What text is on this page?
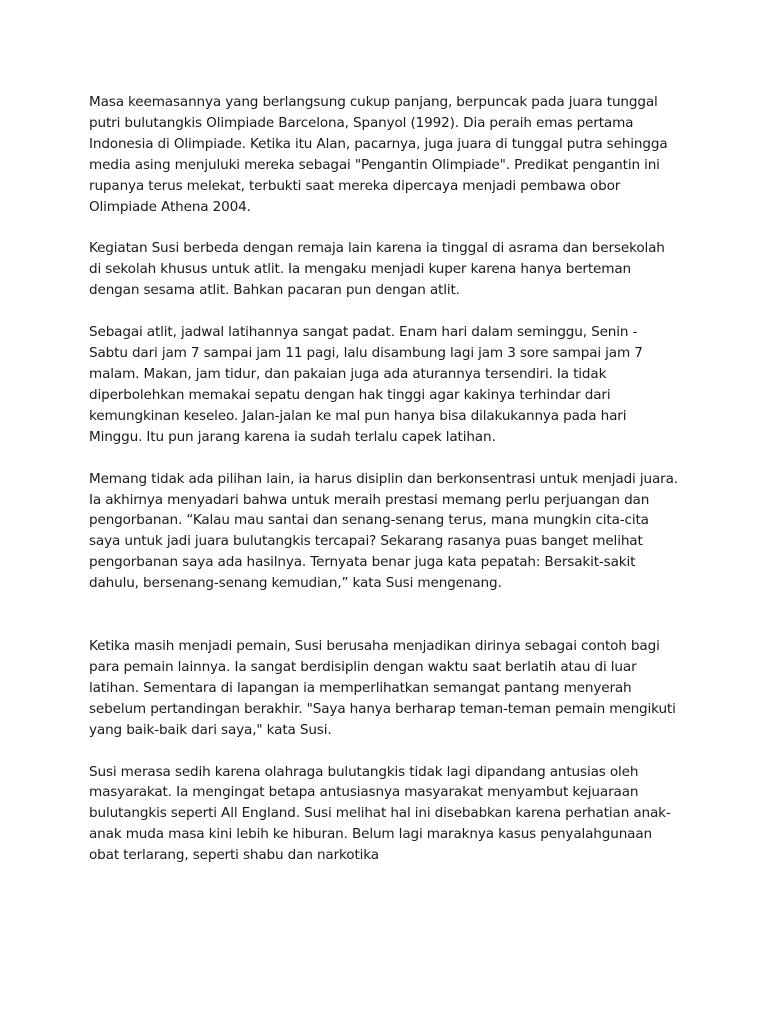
Masa keemasannya yang berlangsung cukup panjang, berpuncak pada juara tunggal
putri bulutangkis Olimpiade Barcelona, Spanyol (1992). Dia peraih emas pertama
Indonesia di Olimpiade. Ketika itu Alan, pacarnya, juga juara di tunggal putra sehingga
media asing menjuluki mereka sebagai "Pengantin Olimpiade". Predikat pengantin ini
rupanya terus melekat, terbukti saat mereka dipercaya menjadi pembawa obor
Olimpiade Athena 2004.

Kegiatan Susi berbeda dengan remaja lain karena ia tinggal di asrama dan bersekolah
di sekolah khusus untuk atlit. Ia mengaku menjadi kuper karena hanya berteman
dengan sesama atlit. Bahkan pacaran pun dengan atlit.

Sebagai atlit, jadwal latihannya sangat padat. Enam hari dalam seminggu, Senin -
Sabtu dari jam 7 sampai jam 11 pagi, lalu disambung lagi jam 3 sore sampai jam 7
malam. Makan, jam tidur, dan pakaian juga ada aturannya tersendiri. Ia tidak
diperbolehkan memakai sepatu dengan hak tinggi agar kakinya terhindar dari
kemungkinan keseleo. Jalan-jalan ke mal pun hanya bisa dilakukannya pada hari
Minggu. Itu pun jarang karena ia sudah terlalu capek latihan.

Memang tidak ada pilihan lain, ia harus disiplin dan berkonsentrasi untuk menjadi juara.
Ia akhirnya menyadari bahwa untuk meraih prestasi memang perlu perjuangan dan
pengorbanan. “Kalau mau santai dan senang-senang terus, mana mungkin cita-cita
saya untuk jadi juara bulutangkis tercapai? Sekarang rasanya puas banget melihat
pengorbanan saya ada hasilnya. Ternyata benar juga kata pepatah: Bersakit-sakit
dahulu, bersenang-senang kemudian,” kata Susi mengenang.

Ketika masih menjadi pemain, Susi berusaha menjadikan dirinya sebagai contoh bagi
para pemain lainnya. Ia sangat berdisiplin dengan waktu saat berlatih atau di luar
latihan. Sementara di lapangan ia memperlihatkan semangat pantang menyerah
sebelum pertandingan berakhir. "Saya hanya berharap teman-teman pemain mengikuti
yang baik-baik dari saya," kata Susi.

Susi merasa sedih karena olahraga bulutangkis tidak lagi dipandang antusias oleh
masyarakat. Ia mengingat betapa antusiasnya masyarakat menyambut kejuaraan
bulutangkis seperti All England. Susi melihat hal ini disebabkan karena perhatian anak-
anak muda masa kini lebih ke hiburan. Belum lagi maraknya kasus penyalahgunaan
obat terlarang, seperti shabu dan narkotika
